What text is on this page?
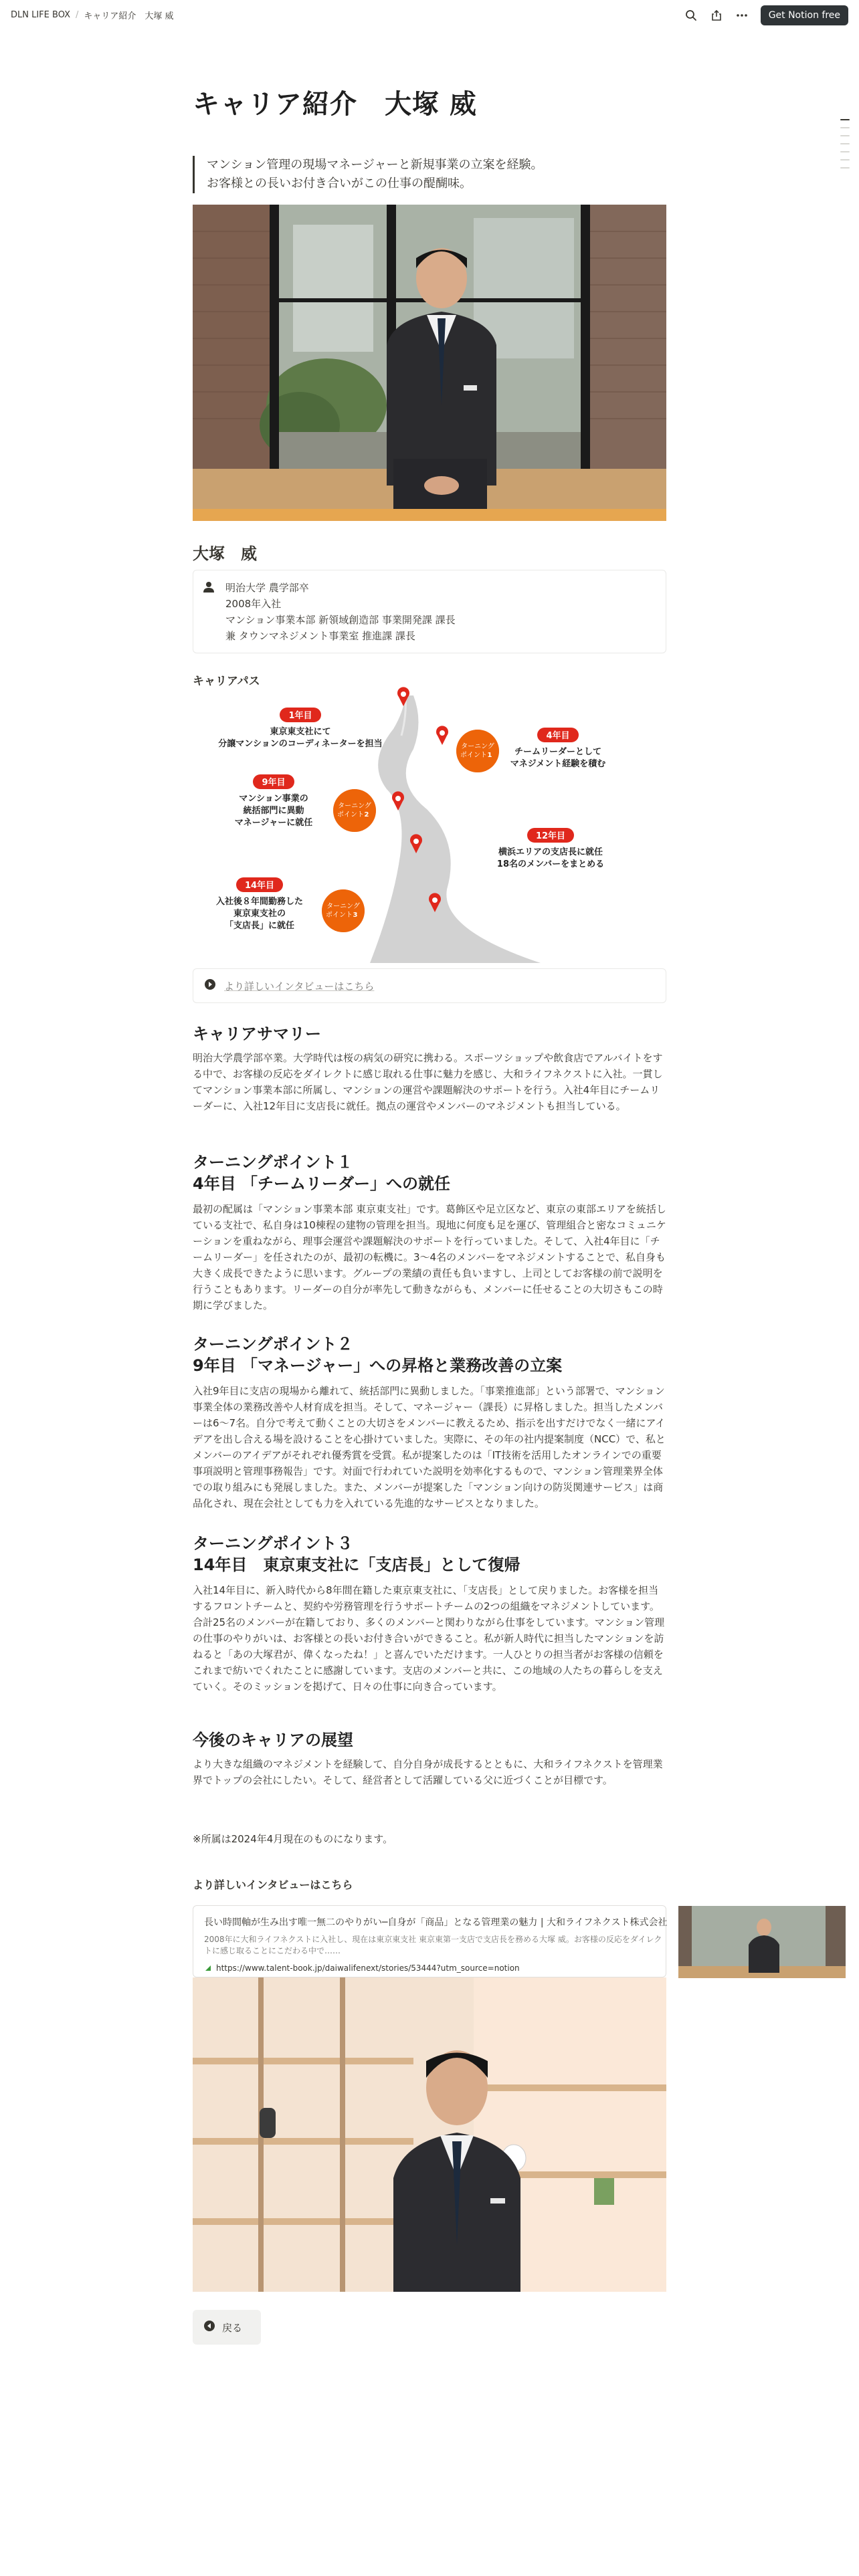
DLN LIFE BOX / キャリア紹介　大塚 威	Get Notion free
キャリア紹介　大塚 威
マンション管理の現場マネージャーと新規事業の立案を経験。
お客様との長いお付き合いがこの仕事の醍醐味。
大塚　威
明治大学 農学部卒
2008年入社
マンション事業本部 新領域創造部 事業開発課 課長
兼 タウンマネジメント事業室 推進課 課長
キャリアパス
ターニング
ポイント 1
ターニング
ポイント 2
ターニング
ポイント 3
1年目
東京東支社にて
分譲マンションのコーディネーターを担当
4年目
チームリーダーとして
マネジメント経験を積む
9年目
マンション事業の
統括部門に異動
マネージャーに就任
12年目
横浜エリアの支店長に就任
18名のメンバーをまとめる
14年目
入社後８年間勤務した
東京東支社の
「支店長」に就任
より詳しいインタビューはこちら
キャリアサマリー

明治大学農学部卒業。大学時代は桜の病気の研究に携わる。スポーツショップや飲食店でアルバイトをする中で、お客様の反応をダイレクトに感じ取れる仕事に魅力を感じ、大和ライフネクストに入社。一貫してマンション事業本部に所属し、マンションの運営や課題解決のサポートを行う。入社4年目にチームリーダーに、入社12年目に支店長に就任。拠点の運営やメンバーのマネジメントも担当している。

ターニングポイント１
4年目 「チームリーダー」への就任

最初の配属は「マンション事業本部 東京東支社」です。葛飾区や足立区など、東京の東部エリアを統括している支社で、私自身は10棟程の建物の管理を担当。現地に何度も足を運び、管理組合と密なコミュニケーションを重ねながら、理事会運営や課題解決のサポートを行っていました。そして、入社4年目に「チームリーダー」を任されたのが、最初の転機に。3〜4名のメンバーをマネジメントすることで、私自身も大きく成長できたように思います。グループの業績の責任も負いますし、上司としてお客様の前で説明を行うこともあります。リーダーの自分が率先して動きながらも、メンバーに任せることの大切さもこの時期に学びました。

ターニングポイント２
9年目 「マネージャー」への昇格と業務改善の立案

入社9年目に支店の現場から離れて、統括部門に異動しました。「事業推進部」という部署で、マンション事業全体の業務改善や人材育成を担当。そして、マネージャー（課長）に昇格しました。担当したメンバーは6〜7名。自分で考えて動くことの大切さをメンバーに教えるため、指示を出すだけでなく一緒にアイデアを出し合える場を設けることを心掛けていました。実際に、その年の社内提案制度（NCC）で、私とメンバーのアイデアがそれぞれ優秀賞を受賞。私が提案したのは「IT技術を活用したオンラインでの重要事項説明と管理事務報告」です。対面で行われていた説明を効率化するもので、マンション管理業界全体での取り組みにも発展しました。また、メンバーが提案した「マンション向けの防災関連サービス」は商品化され、現在会社としても力を入れている先進的なサービスとなりました。

ターニングポイント３
14年目　東京東支社に「支店長」として復帰

入社14年目に、新入時代から8年間在籍した東京東支社に、「支店長」として戻りました。お客様を担当するフロントチームと、契約や労務管理を行うサポートチームの2つの組織をマネジメントしています。合計25名のメンバーが在籍しており、多くのメンバーと関わりながら仕事をしています。マンション管理の仕事のやりがいは、お客様との長いお付き合いができること。私が新人時代に担当したマンションを訪ねると「あの大塚君が、偉くなったね！」と喜んでいただけます。一人ひとりの担当者がお客様の信頼をこれまで紡いでくれたことに感謝しています。支店のメンバーと共に、この地域の人たちの暮らしを支えていく。そのミッションを掲げて、日々の仕事に向き合っています。

今後のキャリアの展望

より大きな組織のマネジメントを経験して、自分自身が成長するとともに、大和ライフネクストを管理業界でトップの会社にしたい。そして、経営者として活躍している父に近づくことが目標です。

※所属は2024年4月現在のものになります。

より詳しいインタビューはこちら
長い時間軸が生み出す唯一無二のやりがい─自身が「商品」となる管理業の魅力 | 大和ライフネクスト株式会社
2008年に大和ライフネクストに入社し、現在は東京東支社 東京東第一支店で支店長を務める大塚 威。お客様の反応をダイレクトに感じ取ることにこだわる中で……
https://www.talent-book.jp/daiwalifenext/stories/53444?utm_source=notion
戻る
